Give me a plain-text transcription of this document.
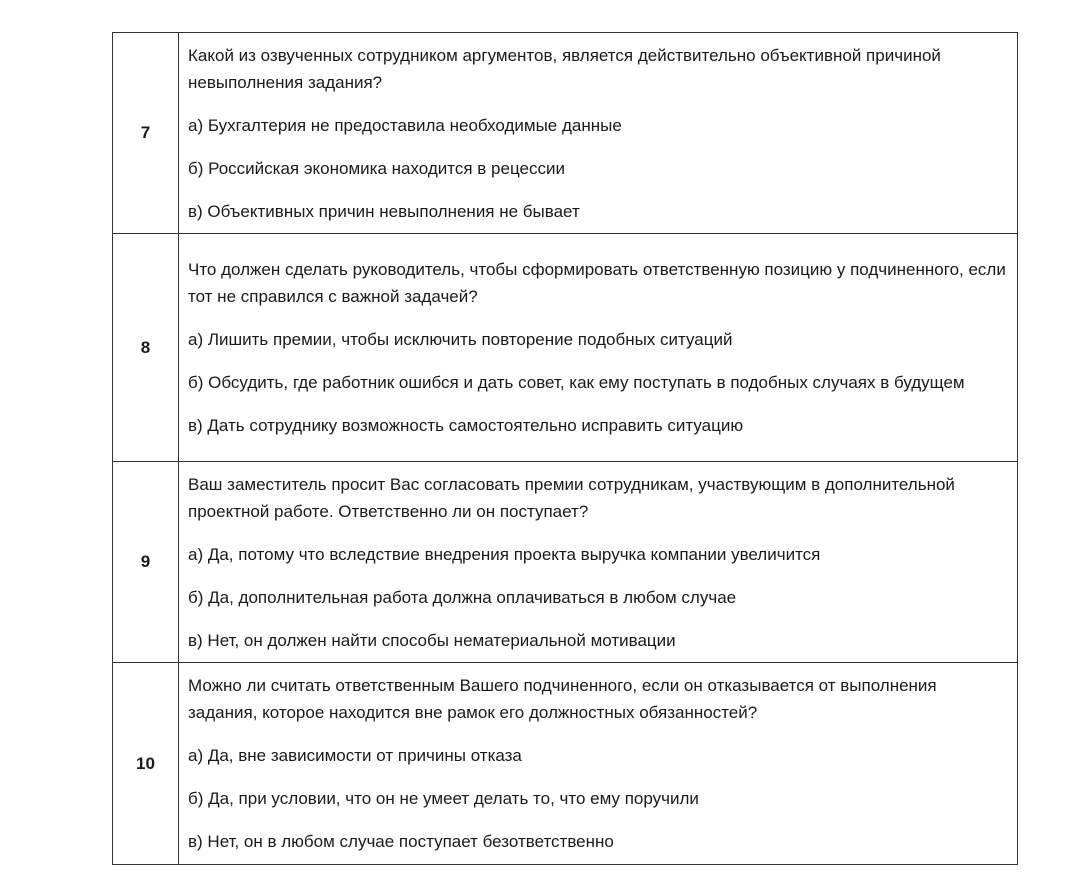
7	Какой из озвученных сотрудником аргументов, является действительно объективной причиной невыполнения задания?

а) Бухгалтерия не предоставила необходимые данные

б) Российская экономика находится в рецессии

в) Объективных причин невыполнения не бывает

8	Что должен сделать руководитель, чтобы сформировать ответственную позицию у подчиненного, если тот не справился с важной задачей?

а) Лишить премии, чтобы исключить повторение подобных ситуаций

б) Обсудить, где работник ошибся и дать совет, как ему поступать в подобных случаях в будущем

в) Дать сотруднику возможность самостоятельно исправить ситуацию

9	Ваш заместитель просит Вас согласовать премии сотрудникам, участвующим в дополнительной проектной работе. Ответственно ли он поступает?

а) Да, потому что вследствие внедрения проекта выручка компании увеличится

б) Да, дополнительная работа должна оплачиваться в любом случае

в) Нет, он должен найти способы нематериальной мотивации

10	Можно ли считать ответственным Вашего подчиненного, если он отказывается от выполнения задания, которое находится вне рамок его должностных обязанностей?

а) Да, вне зависимости от причины отказа

б) Да, при условии, что он не умеет делать то, что ему поручили

в) Нет, он в любом случае поступает безответственно
